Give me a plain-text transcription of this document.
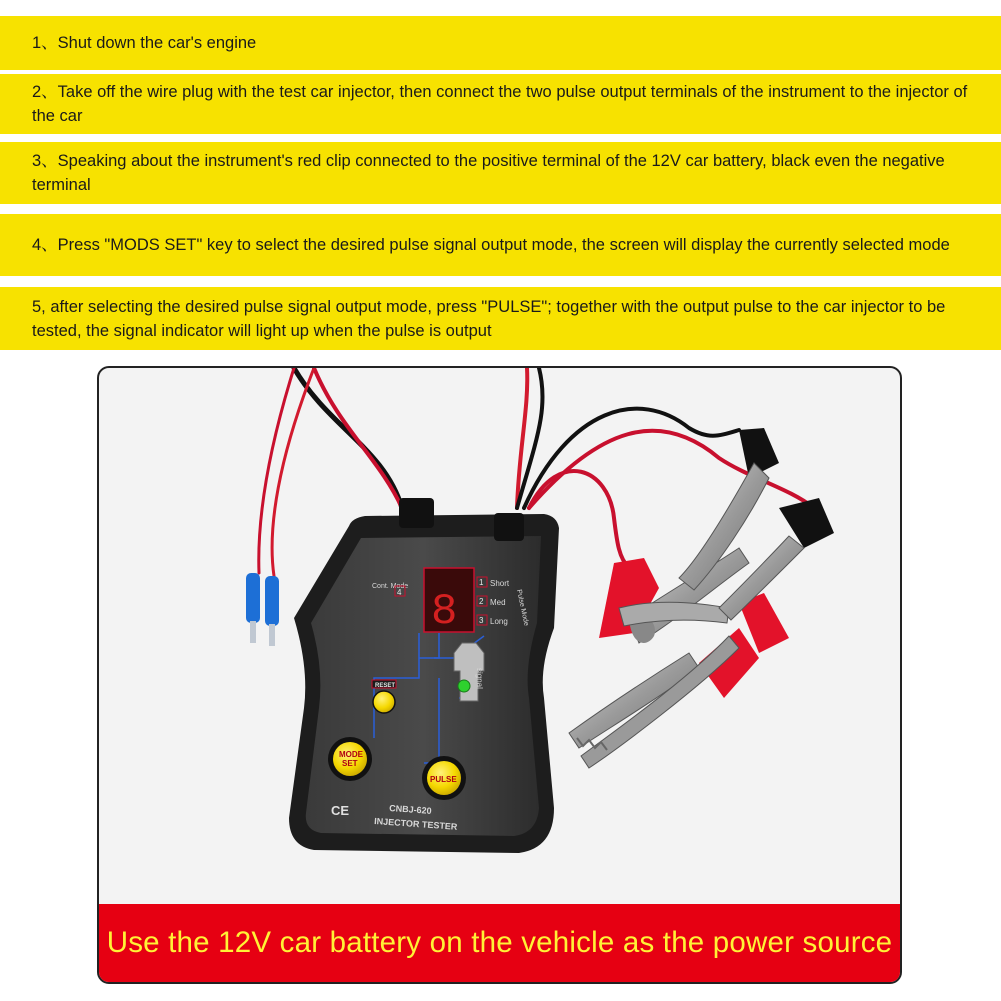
1、Shut down the car's engine
2、Take off the wire plug with the test car injector, then connect the two pulse output terminals of the instrument to the injector of the car
3、Speaking about the instrument's red clip connected to the positive terminal of the 12V car battery, black even the negative terminal
4、Press "MODS SET" key to select the desired pulse signal output mode, the screen will display the currently selected mode
5, after selecting the desired pulse signal output mode, press "PULSE"; together with the output pulse to the car injector to be tested, the signal indicator will light up when the pulse is output
Cont. Mode
4 8
1 Short
2 Med
3 Long Pulse Mode
signal
RESET
MODE
SET
PULSE
CE	CNBJ-620
INJECTOR TESTER
Use the 12V car battery on the vehicle as the power source
